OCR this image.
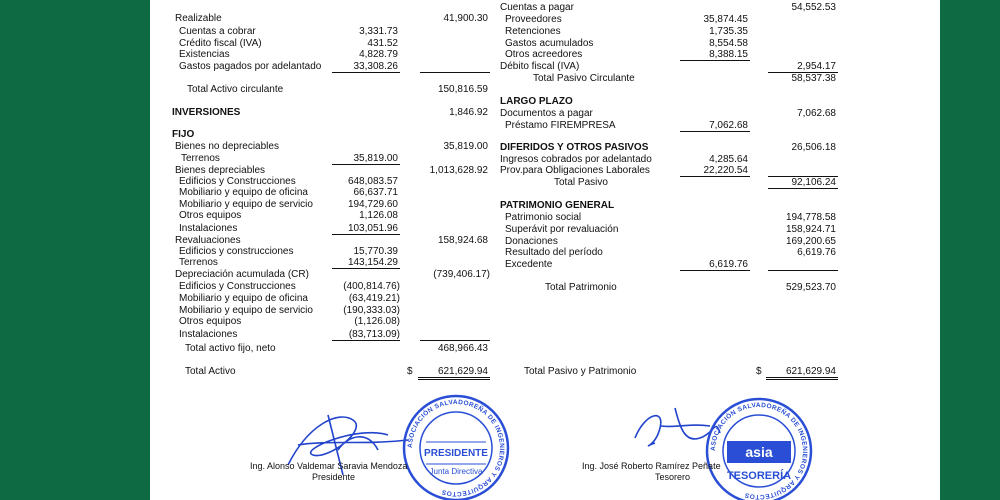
Realizable	41,900.30
Cuentas a cobrar	3,331.73
Crédito fiscal (IVA)	431.52
Existencias	4,828.79
Gastos pagados por adelantado	33,308.26
Total Activo circulante	150,816.59
INVERSIONES	1,846.92
FIJO
Bienes no depreciables	35,819.00
Terrenos	35,819.00
Bienes depreciables	1,013,628.92
Edificios y Construcciones	648,083.57
Mobiliario y equipo de oficina	66,637.71
Mobiliario y equipo de servicio	194,729.60
Otros equipos	1,126.08
Instalaciones	103,051.96
Revaluaciones	158,924.68
Edificios y construcciones	15,770.39
Terrenos	143,154.29
Depreciación acumulada (CR)	(739,406.17)
Edificios y Construcciones	(400,814.76)
Mobiliario y equipo de oficina	(63,419.21)
Mobiliario y equipo de servicio	(190,333.03)
Otros equipos	(1,126.08)
Instalaciones	(83,713.09)
Total activo fijo, neto	468,966.43
Total Activo	$	621,629.94
Cuentas a pagar	54,552.53
Proveedores	35,874.45
Retenciones	1,735.35
Gastos acumulados	8,554.58
Otros acreedores	8,388.15
Débito fiscal (IVA)	2,954.17
Total Pasivo Circulante	58,537.38
LARGO PLAZO
Documentos a pagar	7,062.68
Préstamo FIREMPRESA	7,062.68
DIFERIDOS Y OTROS PASIVOS	26,506.18
Ingresos cobrados por adelantado	4,285.64
Prov.para Obligaciones Laborales	22,220.54
Total Pasivo	92,106.24
PATRIMONIO GENERAL
Patrimonio social	194,778.58
Superávit por revaluación	158,924.71
Donaciones	169,200.65
Resultado del período	6,619.76
Excedente	6,619.76
Total Patrimonio	529,523.70
Total Pasivo y Patrimonio	$	621,629.94
PRESIDENTE
Junta Directiva
ASOCIACIÓN SALVADOREÑA DE INGENIEROS Y ARQUITECTOS
Ing. Alonso Valdemar Saravia Mendoza
Presidente
asia
TESORERÍA
ASOCIACIÓN SALVADOREÑA DE INGENIEROS Y ARQUITECTOS
Ing. José Roberto Ramírez Peñate
Tesorero
